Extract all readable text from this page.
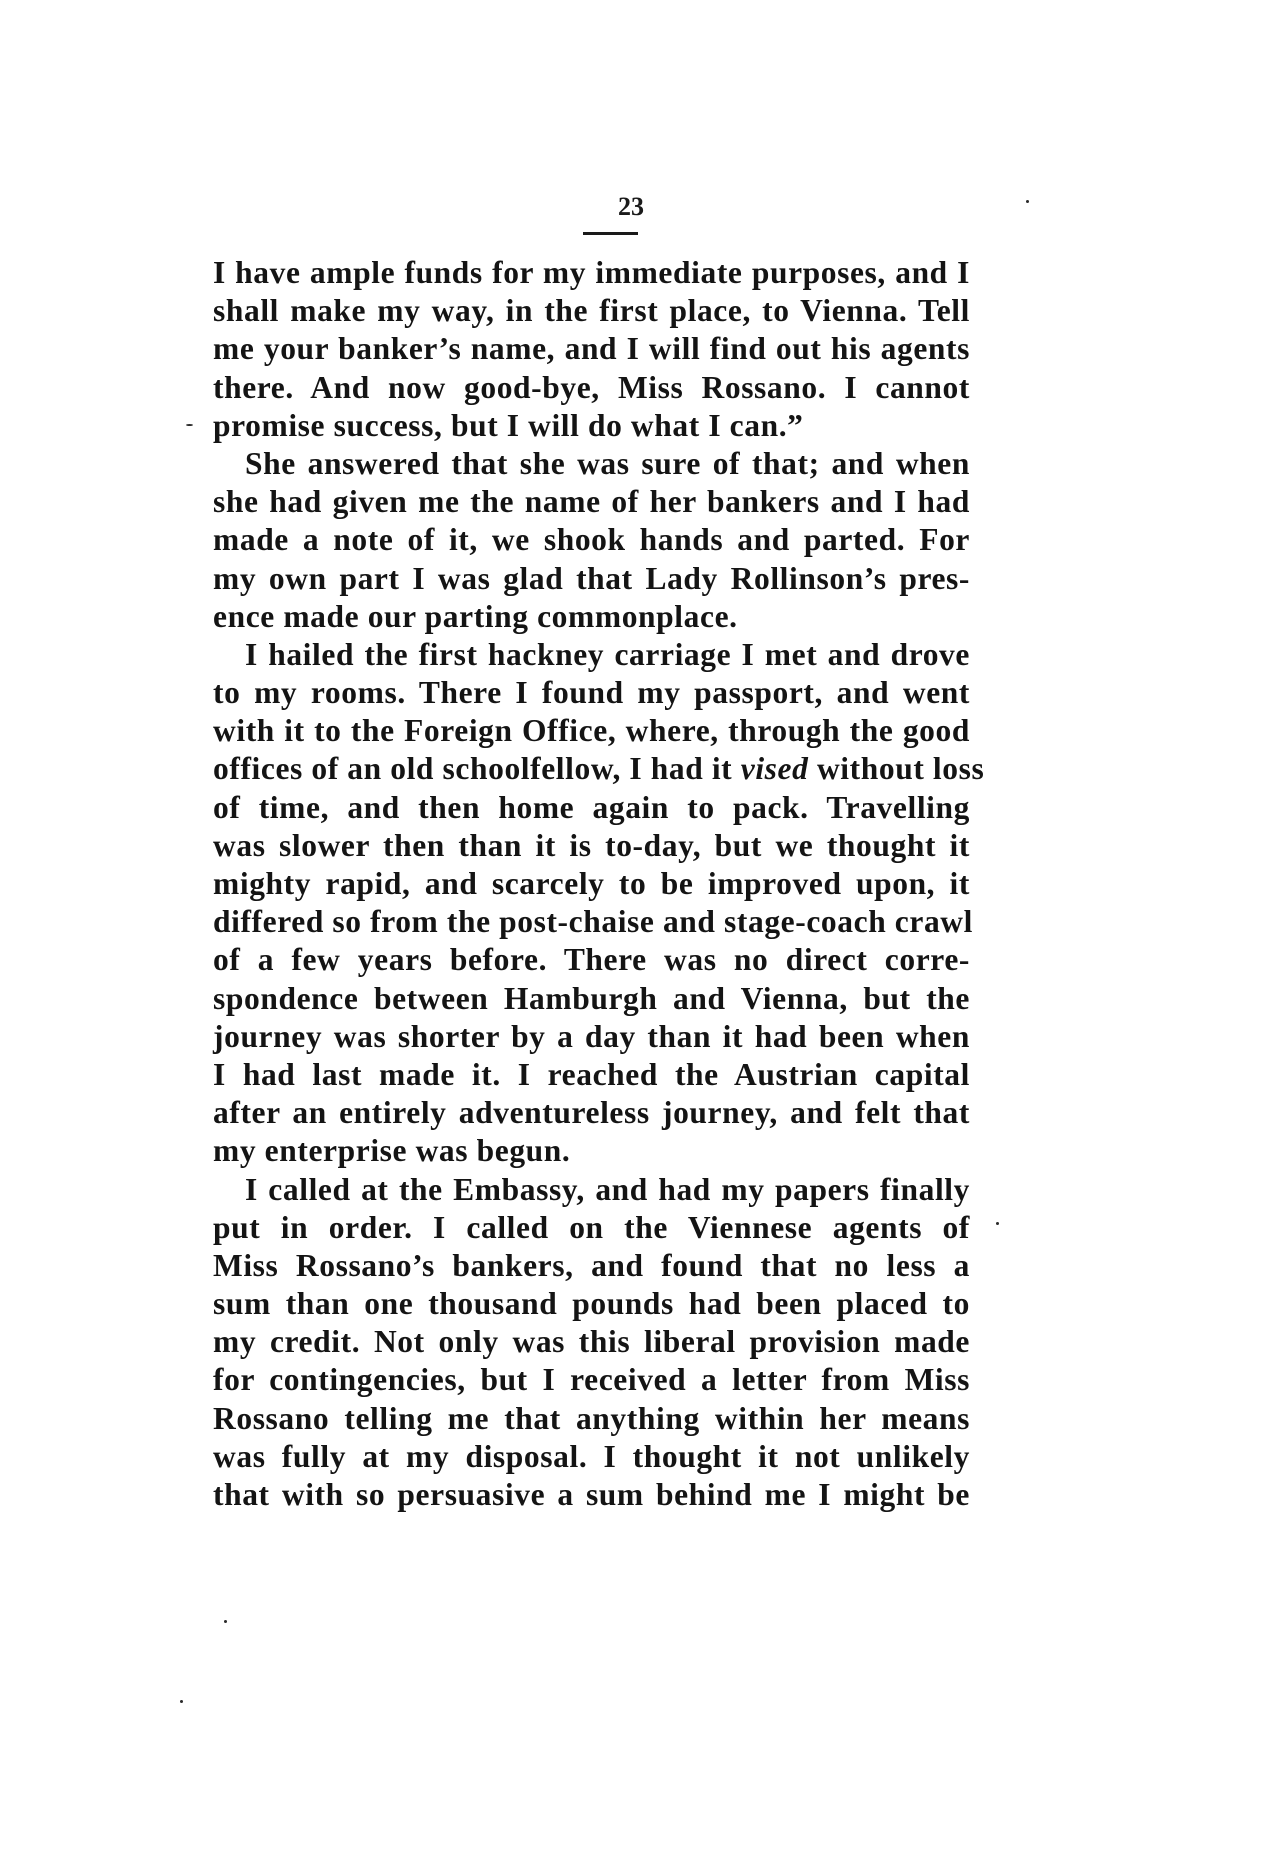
23
I have ample funds for my immediate purposes, and I
shall make my way, in the first place, to Vienna. Tell
me your banker’s name, and I will find out his agents
there. And now good-bye, Miss Rossano. I cannot
promise success, but I will do what I can.”
She answered that she was sure of that; and when
she had given me the name of her bankers and I had
made a note of it, we shook hands and parted. For
my own part I was glad that Lady Rollinson’s pres-
ence made our parting commonplace.
I hailed the first hackney carriage I met and drove
to my rooms. There I found my passport, and went
with it to the Foreign Office, where, through the good
offices of an old schoolfellow, I had it vised without loss
of time, and then home again to pack. Travelling
was slower then than it is to-day, but we thought it
mighty rapid, and scarcely to be improved upon, it
differed so from the post-chaise and stage-coach crawl
of a few years before. There was no direct corre-
spondence between Hamburgh and Vienna, but the
journey was shorter by a day than it had been when
I had last made it. I reached the Austrian capital
after an entirely adventureless journey, and felt that
my enterprise was begun.
I called at the Embassy, and had my papers finally
put in order. I called on the Viennese agents of
Miss Rossano’s bankers, and found that no less a
sum than one thousand pounds had been placed to
my credit. Not only was this liberal provision made
for contingencies, but I received a letter from Miss
Rossano telling me that anything within her means
was fully at my disposal. I thought it not unlikely
that with so persuasive a sum behind me I might be
